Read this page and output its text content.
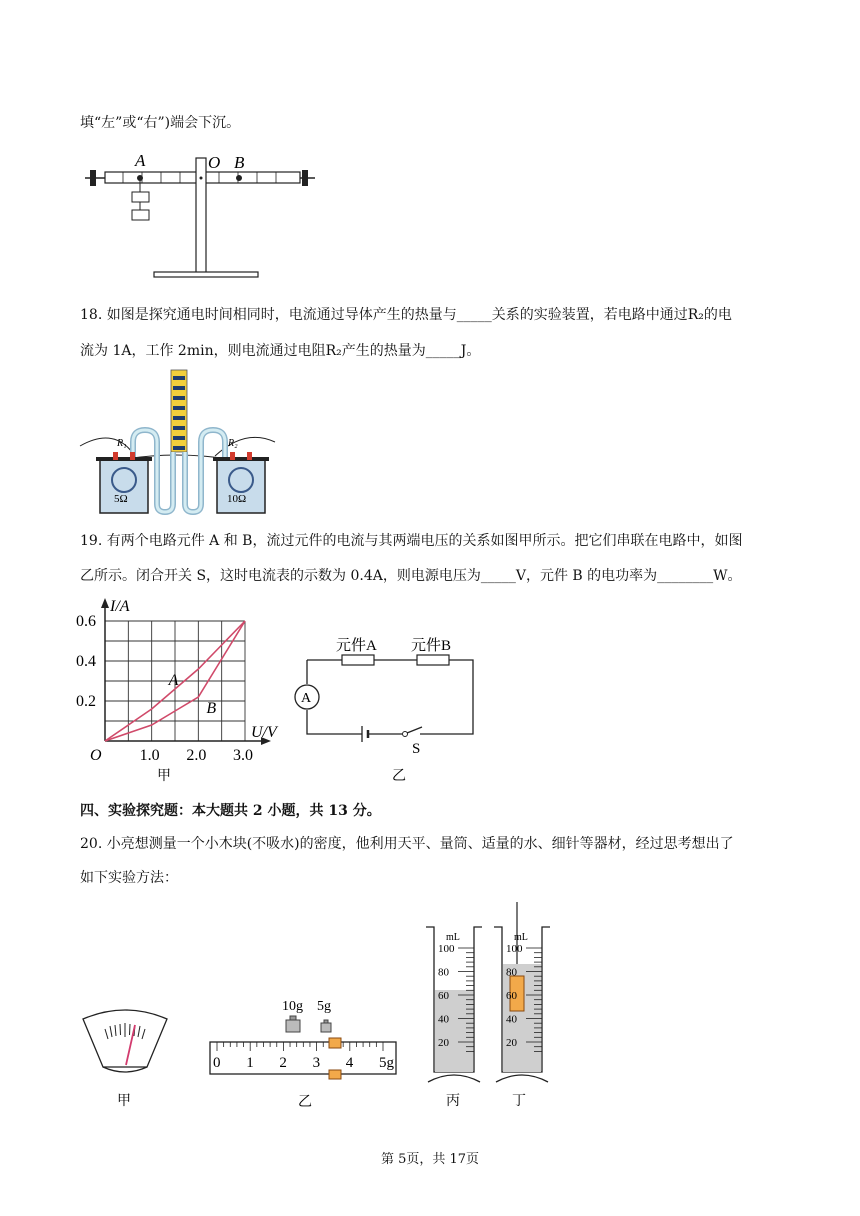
填“左”或“右”)端会下沉。
A	O B
18. 如图是探究通电时间相同时，电流通过导体产生的热量与_____关系的实验装置，若电路中通过R₂的电
流为 1A，工作 2min，则电流通过电阻R₂产生的热量为_____J。
R₁	R₂
5Ω	10Ω
19. 有两个电路元件 A 和 B，流过元件的电流与其两端电压的关系如图甲所示。把它们串联在电路中，如图
乙所示。闭合开关 S，这时电流表的示数为 0.4A，则电源电压为_____V，元件 B 的电功率为________W。
A
B
1.0 2.0 3.0
0.2
0.4
0.6
I/A
U/V
O
甲
元件A 元件B
A
S
乙
四、实验探究题：本大题共 2 小题，共 13 分。
20. 小亮想测量一个小木块(不吸水)的密度，他利用天平、量筒、适量的水、细针等器材，经过思考想出了
如下实验方法：
甲
10g 5g
0 1 2 3 4 5g
乙
mL
100
80
60
40
20
mL
100
80
60
40
20
丙	丁
第 5页，共 17页
